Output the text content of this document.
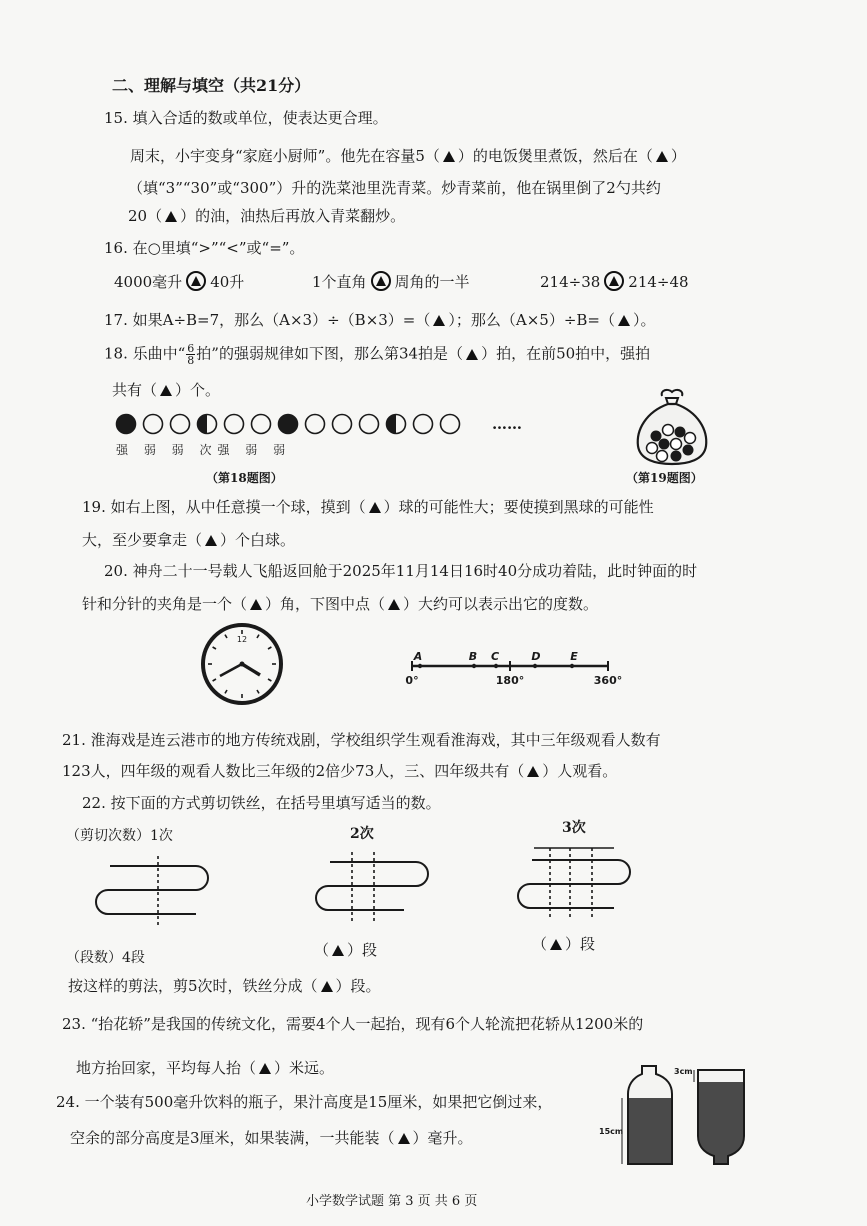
二、理解与填空（共21分）
15. 填入合适的数或单位，使表达更合理。
周末，小宇变身“家庭小厨师”。他先在容量5（ ）的电饭煲里煮饭，然后在（ ）
（填“3”“30”或“300”）升的洗菜池里洗青菜。炒青菜前，他在锅里倒了2勺共约
20（ ）的油，油热后再放入青菜翻炒。
16. 在○里填“>”“<”或“=”。
4000毫升 40升	1个直角 周角的一半	214÷38 214÷48
17. 如果A÷B=7，那么（A×3）÷（B×3）=（ ）；那么（A×5）÷B=（ ）。
18. 乐曲中“ $\frac{6}{8}$ 拍”的强弱规律如下图，那么第34拍是（ ）拍，在前50拍中，强拍
共有（ ）个。
……
强 弱 弱 次强 弱 弱
（第18题图）	（第19题图）
19. 如右上图，从中任意摸一个球，摸到（ ）球的可能性大；要使摸到黑球的可能性
大，至少要拿走（ ）个白球。
20. 神舟二十一号载人飞船返回舱于2025年11月14日16时40分成功着陆，此时钟面的时
针和分针的夹角是一个（ ）角，下图中点（ ）大约可以表示出它的度数。
12
A	B C	D	E
0°	180°	360°
21. 淮海戏是连云港市的地方传统戏剧，学校组织学生观看淮海戏，其中三年级观看人数有
123人，四年级的观看人数比三年级的2倍少73人，三、四年级共有（ ）人观看。
22. 按下面的方式剪切铁丝，在括号里填写适当的数。
（剪切次数）1次	2次	3次
（段数）4段	（ ）段	（ ）段
按这样的剪法，剪5次时，铁丝分成（ ）段。
23. “抬花轿”是我国的传统文化，需要4个人一起抬，现有6个人轮流把花轿从1200米的
地方抬回家，平均每人抬（ ）米远。
24. 一个装有500毫升饮料的瓶子，果汁高度是15厘米，如果把它倒过来，
空余的部分高度是3厘米，如果装满，一共能装（ ）毫升。	15cm
3cm
小学数学试题 第 3 页 共 6 页
